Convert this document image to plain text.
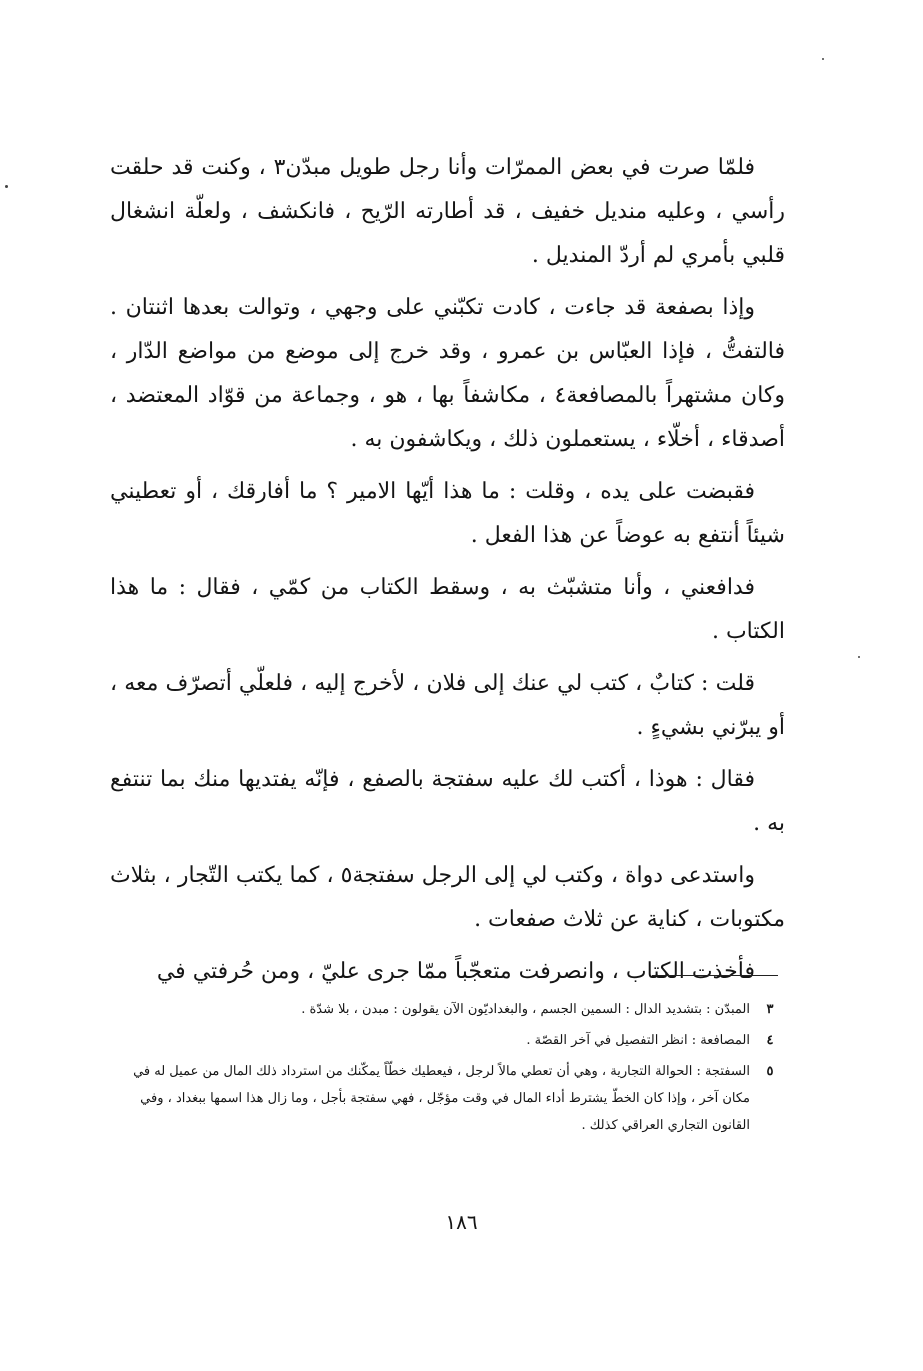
فلمّا صرت في بعض الممرّات وأنا رجل طويل مبدّن٣ ، وكنت قد حلقت رأسي ، وعليه منديل خفيف ، قد أطارته الرّيح ، فانكشف ، ولعلّة انشغال قلبي بأمري لم أردّ المنديل .

وإذا بصفعة قد جاءت ، كادت تكبّني على وجهي ، وتوالت بعدها اثنتان . فالتفتُّ ، فإذا العبّاس بن عمرو ، وقد خرج إلى موضع من مواضع الدّار ، وكان مشتهراً بالمصافعة٤ ، مكاشفاً بها ، هو ، وجماعة من قوّاد المعتضد ، أصدقاء ، أخلّاء ، يستعملون ذلك ، ويكاشفون به .

فقبضت على يده ، وقلت : ما هذا أيّها الامير ؟ ما أفارقك ، أو تعطيني شيئاً أنتفع به عوضاً عن هذا الفعل .

فدافعني ، وأنا متشبّث به ، وسقط الكتاب من كمّي ، فقال : ما هذا الكتاب .

قلت : كتابٌ ، كتب لي عنك إلى فلان ، لأخرج إليه ، فلعلّي أتصرّف معه ، أو يبرّني بشيءٍ .

فقال : هوذا ، أكتب لك عليه سفتجة بالصفع ، فإنّه يفتديها منك بما تنتفع به .

واستدعى دواة ، وكتب لي إلى الرجل سفتجة٥ ، كما يكتب التّجار ، بثلاث مكتوبات ، كناية عن ثلاث صفعات .

فأخذت الكتاب ، وانصرفت متعجّباً ممّا جرى عليّ ، ومن حُرفتي في

٣
المبدّن : بتشديد الدال : السمين الجسم ، والبغداديّون الآن يقولون : مبدن ، بلا شدّة .
٤
المصافعة : انظر التفصيل في آخر القصّة .
٥
السفتجة : الحوالة التجارية ، وهي أن تعطي مالاً لرجل ، فيعطيك خطّاً يمكّنك من استرداد ذلك المال من عميل له في مكان آخر ، وإذا كان الخطّ يشترط أداء المال في وقت مؤجّل ، فهي سفتجة بأجل ، وما زال هذا اسمها ببغداد ، وفي القانون التجاري العراقي كذلك .
١٨٦
